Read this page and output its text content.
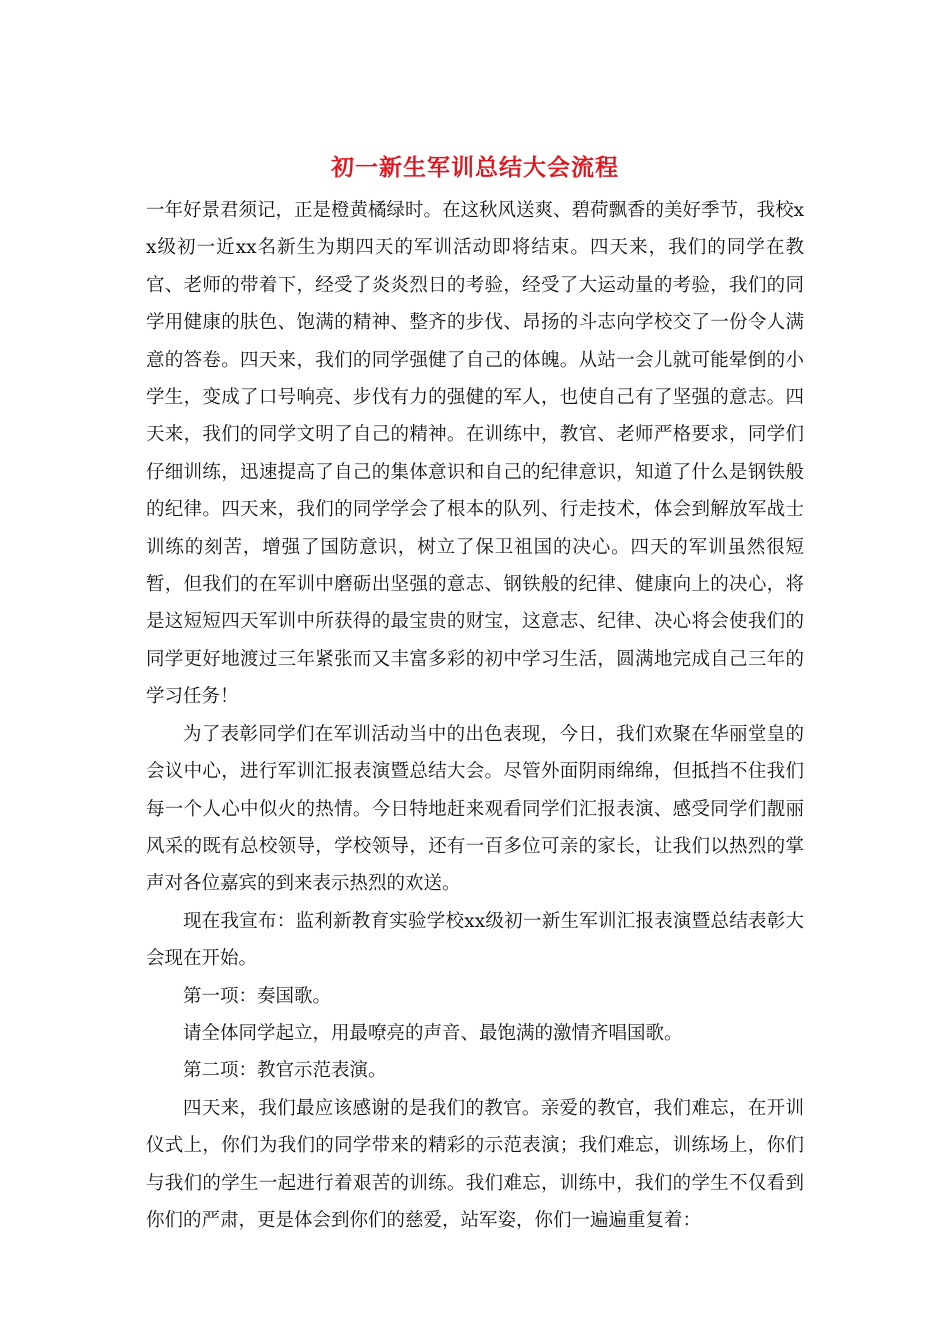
初一新生军训总结大会流程

一年好景君须记，正是橙黄橘绿时。在这秋风送爽、碧荷飘香的美好季节，我校xx级初一近xx名新生为期四天的军训活动即将结束。四天来，我们的同学在教官、老师的带着下，经受了炎炎烈日的考验，经受了大运动量的考验，我们的同学用健康的肤色、饱满的精神、整齐的步伐、昂扬的斗志向学校交了一份令人满意的答卷。四天来，我们的同学强健了自己的体魄。从站一会儿就可能晕倒的小学生，变成了口号响亮、步伐有力的强健的军人，也使自己有了坚强的意志。四天来，我们的同学文明了自己的精神。在训练中，教官、老师严格要求，同学们仔细训练，迅速提高了自己的集体意识和自己的纪律意识，知道了什么是钢铁般的纪律。四天来，我们的同学学会了根本的队列、行走技术，体会到解放军战士训练的刻苦，增强了国防意识，树立了保卫祖国的决心。四天的军训虽然很短暂，但我们的在军训中磨砺出坚强的意志、钢铁般的纪律、健康向上的决心，将是这短短四天军训中所获得的最宝贵的财宝，这意志、纪律、决心将会使我们的同学更好地渡过三年紧张而又丰富多彩的初中学习生活，圆满地完成自己三年的学习任务！

为了表彰同学们在军训活动当中的出色表现，今日，我们欢聚在华丽堂皇的会议中心，进行军训汇报表演暨总结大会。尽管外面阴雨绵绵，但抵挡不住我们每一个人心中似火的热情。今日特地赶来观看同学们汇报表演、感受同学们靓丽风采的既有总校领导，学校领导，还有一百多位可亲的家长，让我们以热烈的掌声对各位嘉宾的到来表示热烈的欢送。

现在我宣布：监利新教育实验学校xx级初一新生军训汇报表演暨总结表彰大会现在开始。

第一项：奏国歌。

请全体同学起立，用最嘹亮的声音、最饱满的激情齐唱国歌。

第二项：教官示范表演。

四天来，我们最应该感谢的是我们的教官。亲爱的教官，我们难忘，在开训仪式上，你们为我们的同学带来的精彩的示范表演；我们难忘，训练场上，你们与我们的学生一起进行着艰苦的训练。我们难忘，训练中，我们的学生不仅看到你们的严肃，更是体会到你们的慈爱，站军姿，你们一遍遍重复着：
